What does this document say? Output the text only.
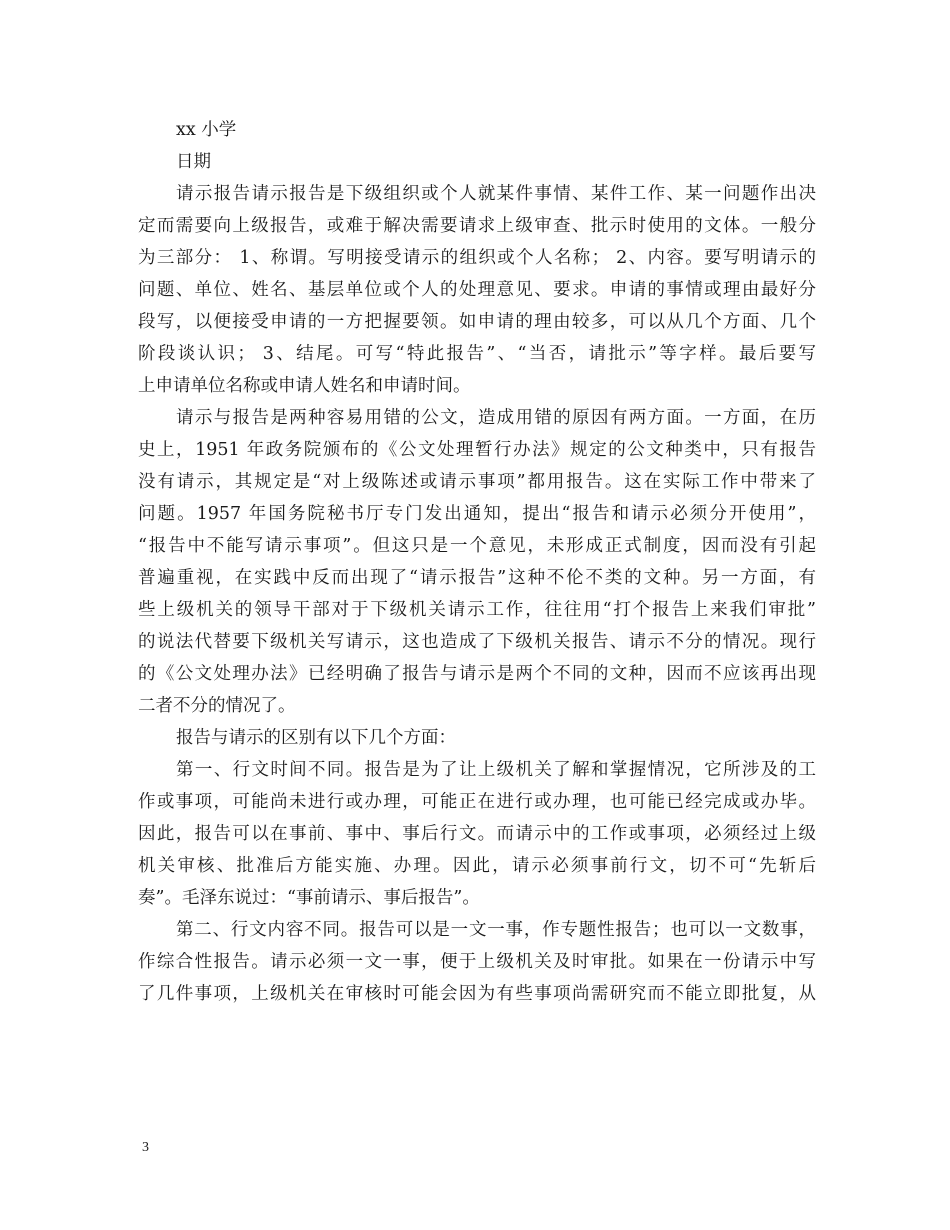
xx 小学
日期
请示报告请示报告是下级组织或个人就某件事情、某件工作、某一问题作出决
定而需要向上级报告，或难于解决需要请求上级审查、批示时使用的文体。一般分
为三部分： 1、称谓。写明接受请示的组织或个人名称； 2、内容。要写明请示的
问题、单位、姓名、基层单位或个人的处理意见、要求。申请的事情或理由最好分
段写，以便接受申请的一方把握要领。如申请的理由较多，可以从几个方面、几个
阶段谈认识； 3、结尾。可写“特此报告”、“当否，请批示”等字样。最后要写
上申请单位名称或申请人姓名和申请时间。
请示与报告是两种容易用错的公文，造成用错的原因有两方面。一方面，在历
史上，1951 年政务院颁布的《公文处理暂行办法》规定的公文种类中，只有报告
没有请示，其规定是“对上级陈述或请示事项”都用报告。这在实际工作中带来了
问题。1957 年国务院秘书厅专门发出通知，提出“报告和请示必须分开使用”，
“报告中不能写请示事项”。但这只是一个意见，未形成正式制度，因而没有引起
普遍重视，在实践中反而出现了“请示报告”这种不伦不类的文种。另一方面，有
些上级机关的领导干部对于下级机关请示工作，往往用“打个报告上来我们审批”
的说法代替要下级机关写请示，这也造成了下级机关报告、请示不分的情况。现行
的《公文处理办法》已经明确了报告与请示是两个不同的文种，因而不应该再出现
二者不分的情况了。
报告与请示的区别有以下几个方面：
第一、行文时间不同。报告是为了让上级机关了解和掌握情况，它所涉及的工
作或事项，可能尚未进行或办理，可能正在进行或办理，也可能已经完成或办毕。
因此，报告可以在事前、事中、事后行文。而请示中的工作或事项，必须经过上级
机关审核、批准后方能实施、办理。因此，请示必须事前行文，切不可“先斩后
奏”。毛泽东说过：“事前请示、事后报告”。
第二、行文内容不同。报告可以是一文一事，作专题性报告；也可以一文数事，
作综合性报告。请示必须一文一事，便于上级机关及时审批。如果在一份请示中写
了几件事项，上级机关在审核时可能会因为有些事项尚需研究而不能立即批复，从
3
